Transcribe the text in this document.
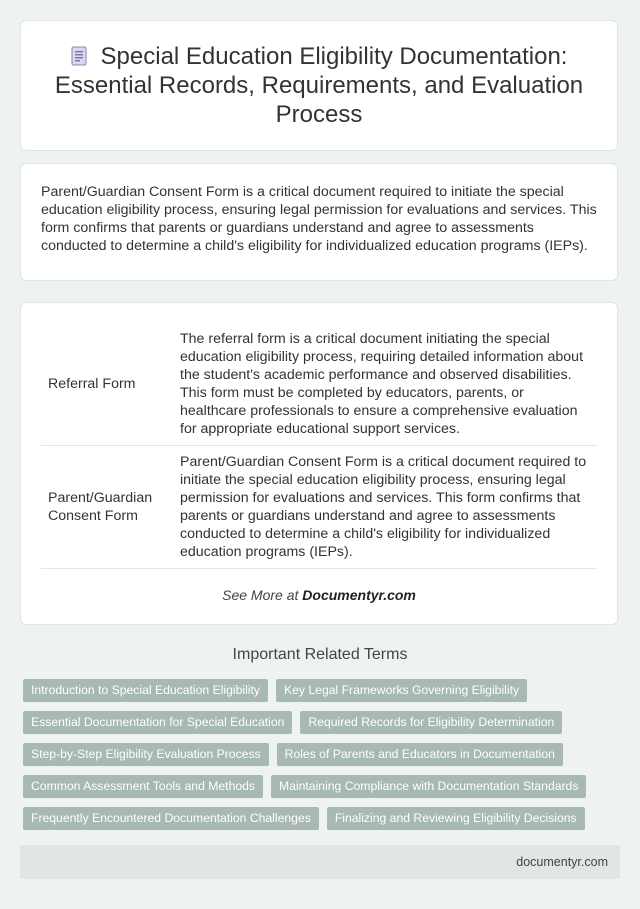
Special Education Eligibility Documentation: Essential Records, Requirements, and Evaluation Process

Parent/Guardian Consent Form is a critical document required to initiate the special education eligibility process, ensuring legal permission for evaluations and services. This form confirms that parents or guardians understand and agree to assessments conducted to determine a child's eligibility for individualized education programs (IEPs).

Referral Form	The referral form is a critical document initiating the special education eligibility process, requiring detailed information about the student's academic performance and observed disabilities. This form must be completed by educators, parents, or healthcare professionals to ensure a comprehensive evaluation for appropriate educational support services.
Parent/Guardian Consent Form	Parent/Guardian Consent Form is a critical document required to initiate the special education eligibility process, ensuring legal permission for evaluations and services. This form confirms that parents or guardians understand and agree to assessments conducted to determine a child's eligibility for individualized education programs (IEPs).
See More at Documentyr.com
Important Related Terms
Introduction to Special Education Eligibility	Key Legal Frameworks Governing Eligibility
Essential Documentation for Special Education	Required Records for Eligibility Determination
Step-by-Step Eligibility Evaluation Process	Roles of Parents and Educators in Documentation
Common Assessment Tools and Methods	Maintaining Compliance with Documentation Standards
Frequently Encountered Documentation Challenges	Finalizing and Reviewing Eligibility Decisions
documentyr.com
